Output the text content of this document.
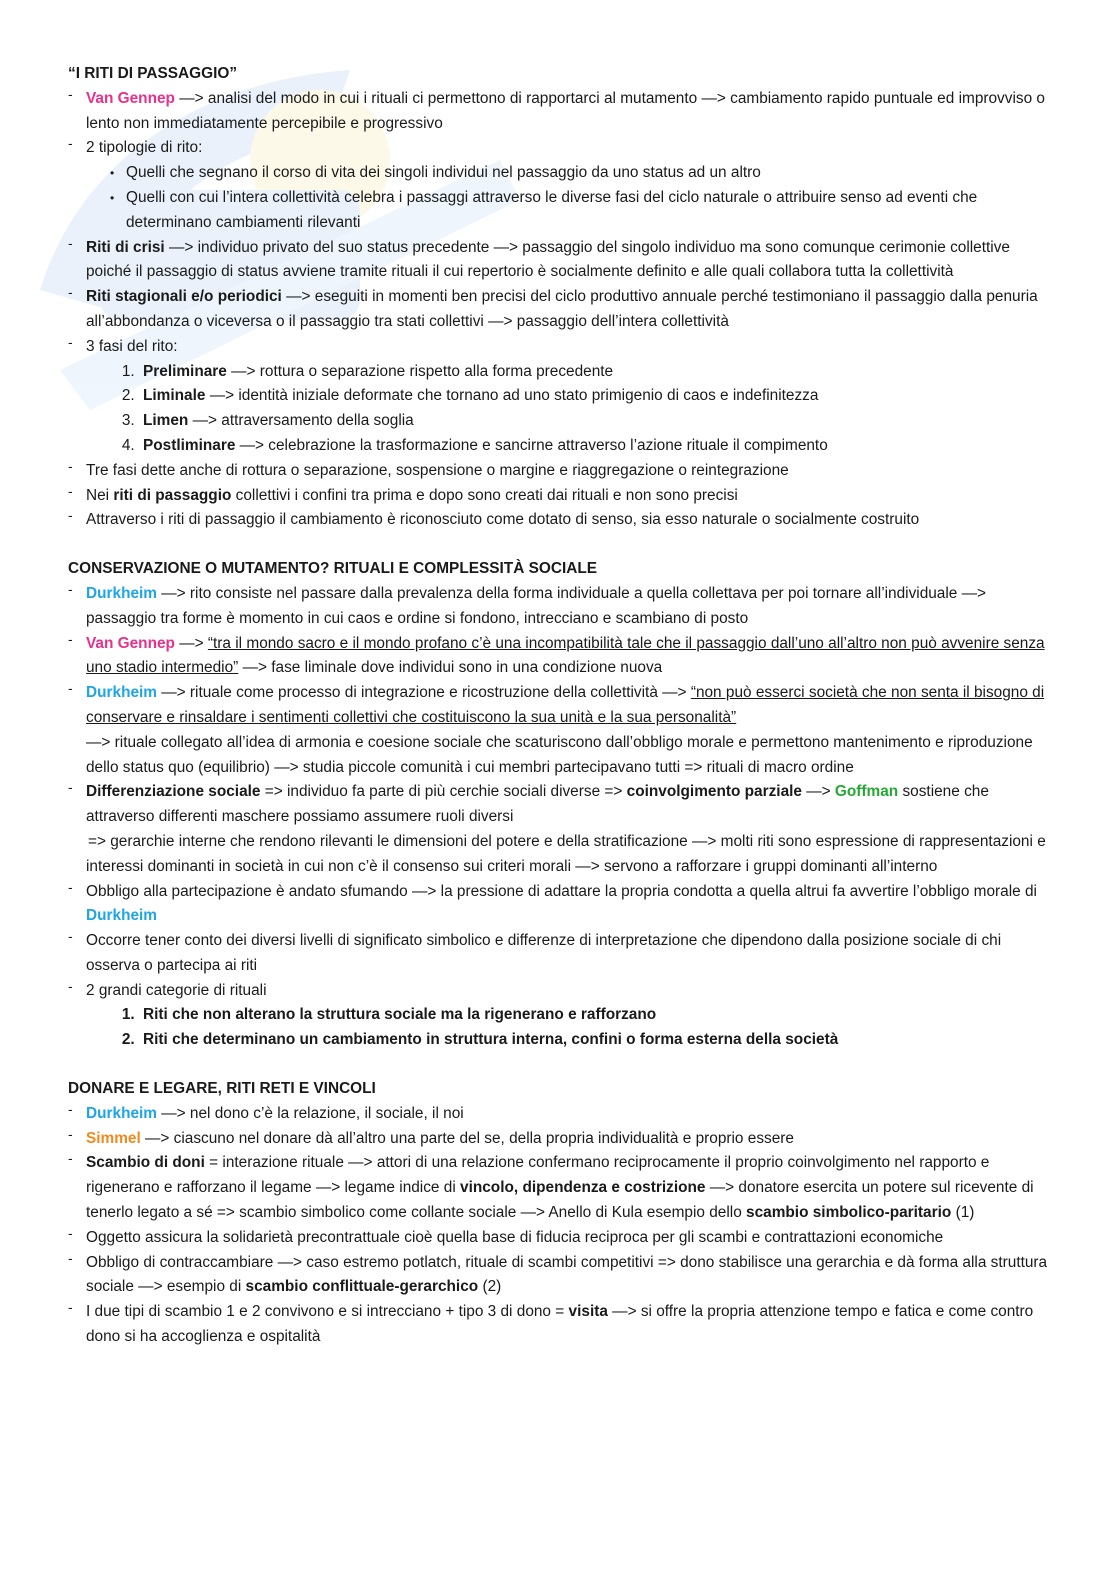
“I RITI DI PASSAGGIO”
- Van Gennep —> analisi del modo in cui i rituali ci permettono di rapportarci al mutamento —> cambiamento rapido puntuale ed improvviso o lento non immediatamente percepibile e progressivo
- 2 tipologie di rito:
• Quelli che segnano il corso di vita dei singoli individui nel passaggio da uno status ad un altro
• Quelli con cui l’intera collettività celebra i passaggi attraverso le diverse fasi del ciclo naturale o attribuire senso ad eventi che determinano cambiamenti rilevanti
- Riti di crisi —> individuo privato del suo status precedente —> passaggio del singolo individuo ma sono comunque cerimonie collettive poiché il passaggio di status avviene tramite rituali il cui repertorio è socialmente definito e alle quali collabora tutta la collettività
- Riti stagionali e/o periodici —> eseguiti in momenti ben precisi del ciclo produttivo annuale perché testimoniano il passaggio dalla penuria all’abbondanza o viceversa o il passaggio tra stati collettivi —> passaggio dell’intera collettività
- 3 fasi del rito:
1. Preliminare —> rottura o separazione rispetto alla forma precedente
2. Liminale —> identità iniziale deformate che tornano ad uno stato primigenio di caos e indefinitezza
3. Limen —> attraversamento della soglia
4. Postliminare —> celebrazione la trasformazione e sancirne attraverso l’azione rituale il compimento
- Tre fasi dette anche di rottura o separazione, sospensione o margine e riaggregazione o reintegrazione
- Nei riti di passaggio collettivi i confini tra prima e dopo sono creati dai rituali e non sono precisi
- Attraverso i riti di passaggio il cambiamento è riconosciuto come dotato di senso, sia esso naturale o socialmente costruito
CONSERVAZIONE O MUTAMENTO? RITUALI E COMPLESSITÀ SOCIALE
- Durkheim —> rito consiste nel passare dalla prevalenza della forma individuale a quella collettava per poi tornare all’individuale —> passaggio tra forme è momento in cui caos e ordine si fondono, intrecciano e scambiano di posto
- Van Gennep —> “tra il mondo sacro e il mondo profano c’è una incompatibilità tale che il passaggio dall’uno all’altro non può avvenire senza uno stadio intermedio” —> fase liminale dove individui sono in una condizione nuova
- Durkheim —> rituale come processo di integrazione e ricostruzione della collettività —> “non può esserci società che non senta il bisogno di conservare e rinsaldare i sentimenti collettivi che costituiscono la sua unità e la sua personalità”
—> rituale collegato all’idea di armonia e coesione sociale che scaturiscono dall’obbligo morale e permettono mantenimento e riproduzione dello status quo (equilibrio) —> studia piccole comunità i cui membri partecipavano tutti => rituali di macro ordine
- Differenziazione sociale => individuo fa parte di più cerchie sociali diverse => coinvolgimento parziale —> Goffman sostiene che attraverso differenti maschere possiamo assumere ruoli diversi
=> gerarchie interne che rendono rilevanti le dimensioni del potere e della stratificazione —> molti riti sono espressione di rappresentazioni e interessi dominanti in società in cui non c’è il consenso sui criteri morali —> servono a rafforzare i gruppi dominanti all’interno
- Obbligo alla partecipazione è andato sfumando —> la pressione di adattare la propria condotta a quella altrui fa avvertire l’obbligo morale di Durkheim
- Occorre tener conto dei diversi livelli di significato simbolico e differenze di interpretazione che dipendono dalla posizione sociale di chi osserva o partecipa ai riti
- 2 grandi categorie di rituali
1. Riti che non alterano la struttura sociale ma la rigenerano e rafforzano
2. Riti che determinano un cambiamento in struttura interna, confini o forma esterna della società
DONARE E LEGARE, RITI RETI E VINCOLI
- Durkheim —> nel dono c’è la relazione, il sociale, il noi
- Simmel —> ciascuno nel donare dà all’altro una parte del se, della propria individualità e proprio essere
- Scambio di doni = interazione rituale —> attori di una relazione confermano reciprocamente il proprio coinvolgimento nel rapporto e rigenerano e rafforzano il legame —> legame indice di vincolo, dipendenza e costrizione —> donatore esercita un potere sul ricevente di tenerlo legato a sé => scambio simbolico come collante sociale —> Anello di Kula esempio dello scambio simbolico-paritario (1)
- Oggetto assicura la solidarietà precontrattuale cioè quella base di fiducia reciproca per gli scambi e contrattazioni economiche
- Obbligo di contraccambiare —> caso estremo potlatch, rituale di scambi competitivi => dono stabilisce una gerarchia e dà forma alla struttura sociale —> esempio di scambio conflittuale-gerarchico (2)
- I due tipi di scambio 1 e 2 convivono e si intrecciano + tipo 3 di dono = visita —> si offre la propria attenzione tempo e fatica e come contro dono si ha accoglienza e ospitalità
